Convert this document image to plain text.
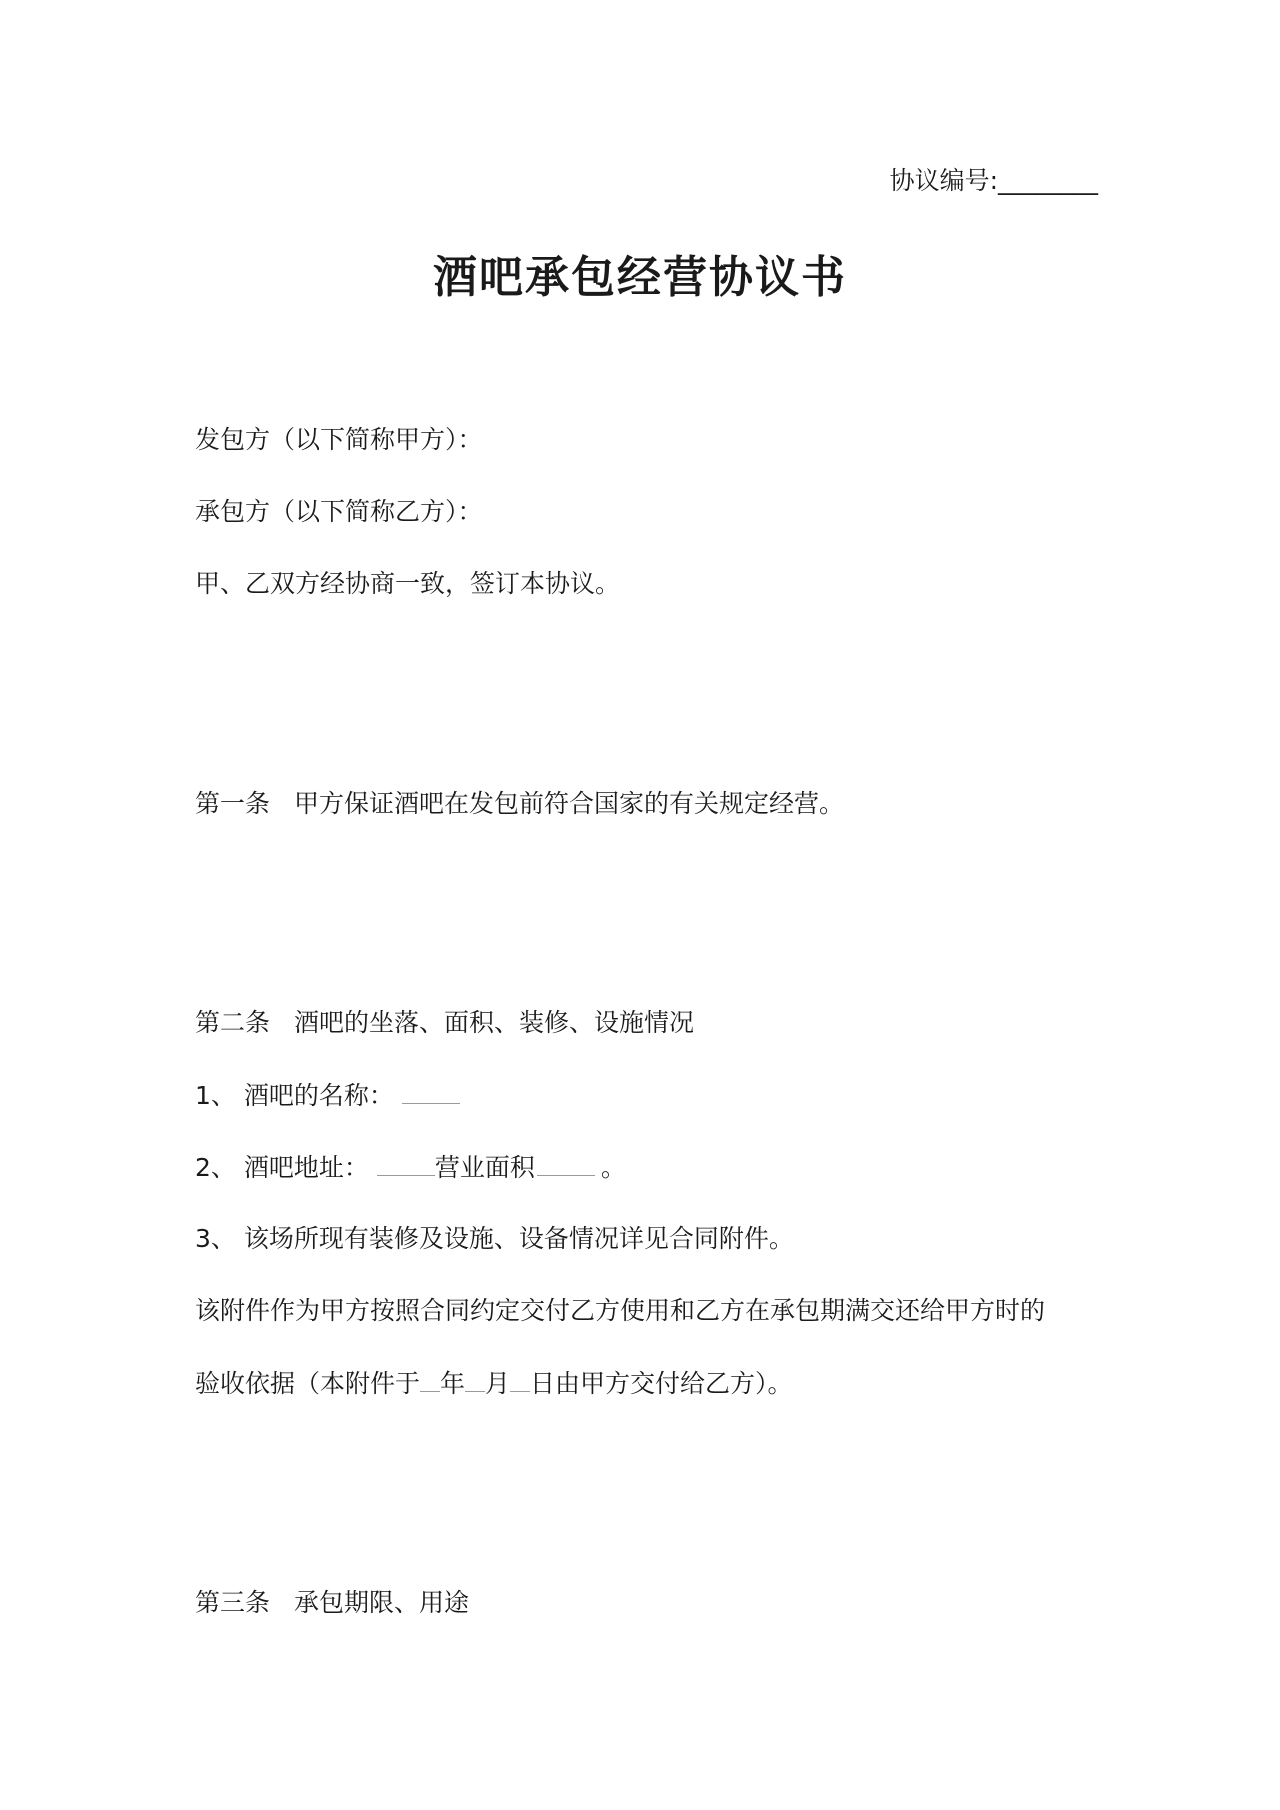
协议编号:________
酒吧承包经营协议书
发包方（以下简称甲方）：
承包方（以下简称乙方）：
甲、乙双方经协商一致，签订本协议。
第一条 甲方保证酒吧在发包前符合国家的有关规定经营。
第二条 酒吧的坐落、面积、装修、设施情况
1、 酒吧的名称：
2、 酒吧地址：	营业面积	。
3、 该场所现有装修及设施、设备情况详见合同附件。
该附件作为甲方按照合同约定交付乙方使用和乙方在承包期满交还给甲方时的
验收依据（本附件于 年 月 日由甲方交付给乙方）。
第三条 承包期限、用途
